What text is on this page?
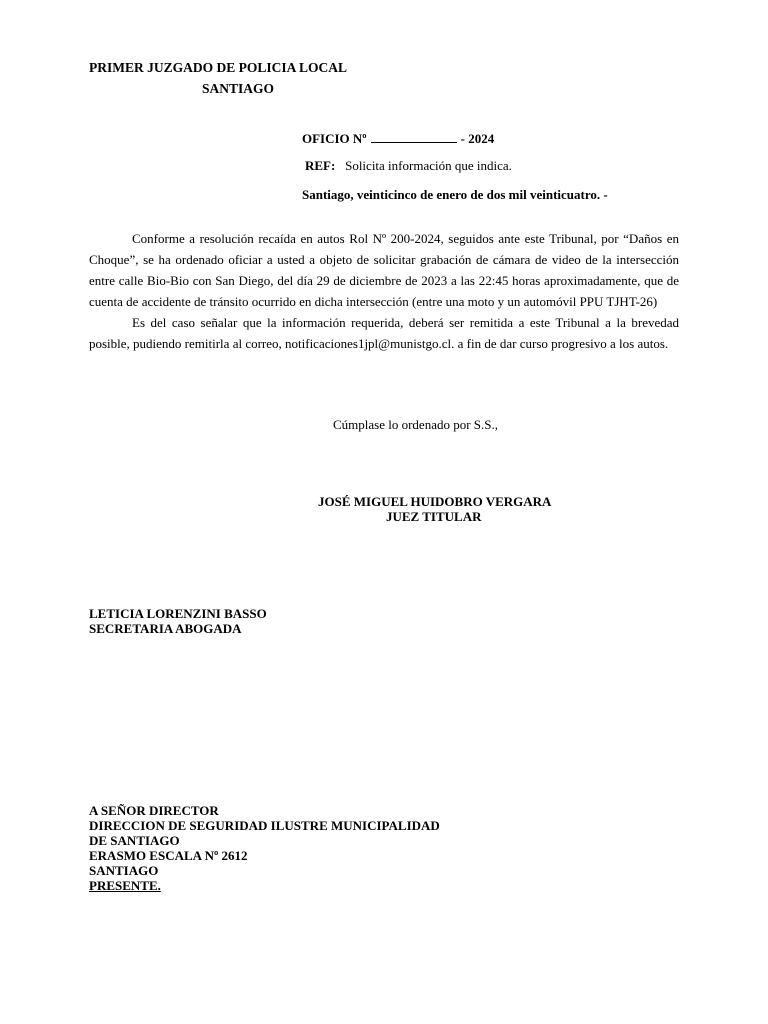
PRIMER JUZGADO DE POLICIA LOCAL
SANTIAGO
OFICIO Nº	- 2024
REF: Solicita información que indica.
Santiago, veinticinco de enero de dos mil veinticuatro. -

Conforme a resolución recaída en autos Rol Nº 200-2024, seguidos ante este Tribunal, por “Daños en Choque”, se ha ordenado oficiar a usted a objeto de solicitar grabación de cámara de video de la intersección entre calle Bio-Bio con San Diego, del día 29 de diciembre de 2023 a las 22:45 horas aproximadamente, que de cuenta de accidente de tránsito ocurrido en dicha intersección (entre una moto y un automóvil PPU TJHT-26)

Es del caso señalar que la información requerida, deberá ser remitida a este Tribunal a la brevedad posible, pudiendo remitirla al correo, notificaciones1jpl@munistgo.cl. a fin de dar curso progresivo a los autos.

Cúmplase lo ordenado por S.S.,
JOSÉ MIGUEL HUIDOBRO VERGARA
JUEZ TITULAR
LETICIA LORENZINI BASSO
SECRETARIA ABOGADA
A SEÑOR DIRECTOR
DIRECCION DE SEGURIDAD ILUSTRE MUNICIPALIDAD
DE SANTIAGO
ERASMO ESCALA Nº 2612
SANTIAGO
PRESENTE.
